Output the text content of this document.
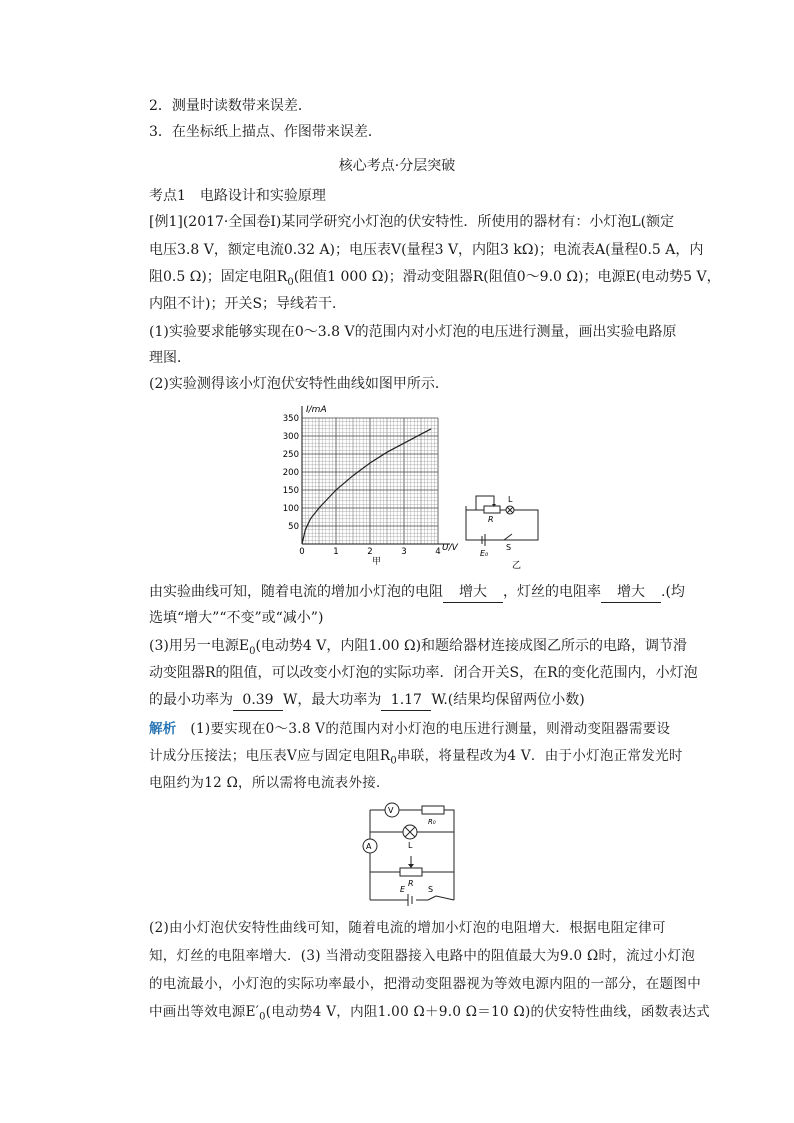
2．测量时读数带来误差．
3．在坐标纸上描点、作图带来误差．
核心考点·分层突破
考点1　电路设计和实验原理
[例1](2017·全国卷Ⅰ)某同学研究小灯泡的伏安特性．所使用的器材有：小灯泡L(额定
电压3.8 V，额定电流0.32 A)；电压表V(量程3 V，内阻3 kΩ)；电流表A(量程0.5 A，内
阻0.5 Ω)；固定电阻$R_0$(阻值1 000 Ω)；滑动变阻器R(阻值0～9.0 Ω)；电源E(电动势5 V，
内阻不计)；开关S；导线若干．
(1)实验要求能够实现在0～3.8 V的范围内对小灯泡的电压进行测量，画出实验电路原
理图．
(2)实验测得该小灯泡伏安特性曲线如图甲所示．
350
300
250
200
150
100
50
0	1	2	3	4
I/mA
U/V
甲
R
L
E₀
S
乙
由实验曲线可知，随着电流的增加小灯泡的电阻 增大 ，灯丝的电阻率 增大 .(均
选填“增大”“不变”或“减小”)
(3)用另一电源$E_0$(电动势4 V，内阻1.00 Ω)和题给器材连接成图乙所示的电路，调节滑
动变阻器R的阻值，可以改变小灯泡的实际功率．闭合开关S，在R的变化范围内，小灯泡
的最小功率为 0.39 W，最大功率为 1.17 W.(结果均保留两位小数)
解析　 (1)要实现在0～3.8 V的范围内对小灯泡的电压进行测量，则滑动变阻器需要设
计成分压接法；电压表V应与固定电阻$R_0$串联，将量程改为4 V．由于小灯泡正常发光时
电阻约为12 Ω，所以需将电流表外接．
V
R₀
L
A
R
E	S
(2)由小灯泡伏安特性曲线可知，随着电流的增加小灯泡的电阻增大．根据电阻定律可
知，灯丝的电阻率增大．(3) 当滑动变阻器接入电路中的阻值最大为9.0 Ω时，流过小灯泡
的电流最小，小灯泡的实际功率最小，把滑动变阻器视为等效电源内阻的一部分，在题图中
中画出等效电源$E'_0$(电动势4 V，内阻1.00 Ω＋9.0 Ω＝10 Ω)的伏安特性曲线，函数表达式
